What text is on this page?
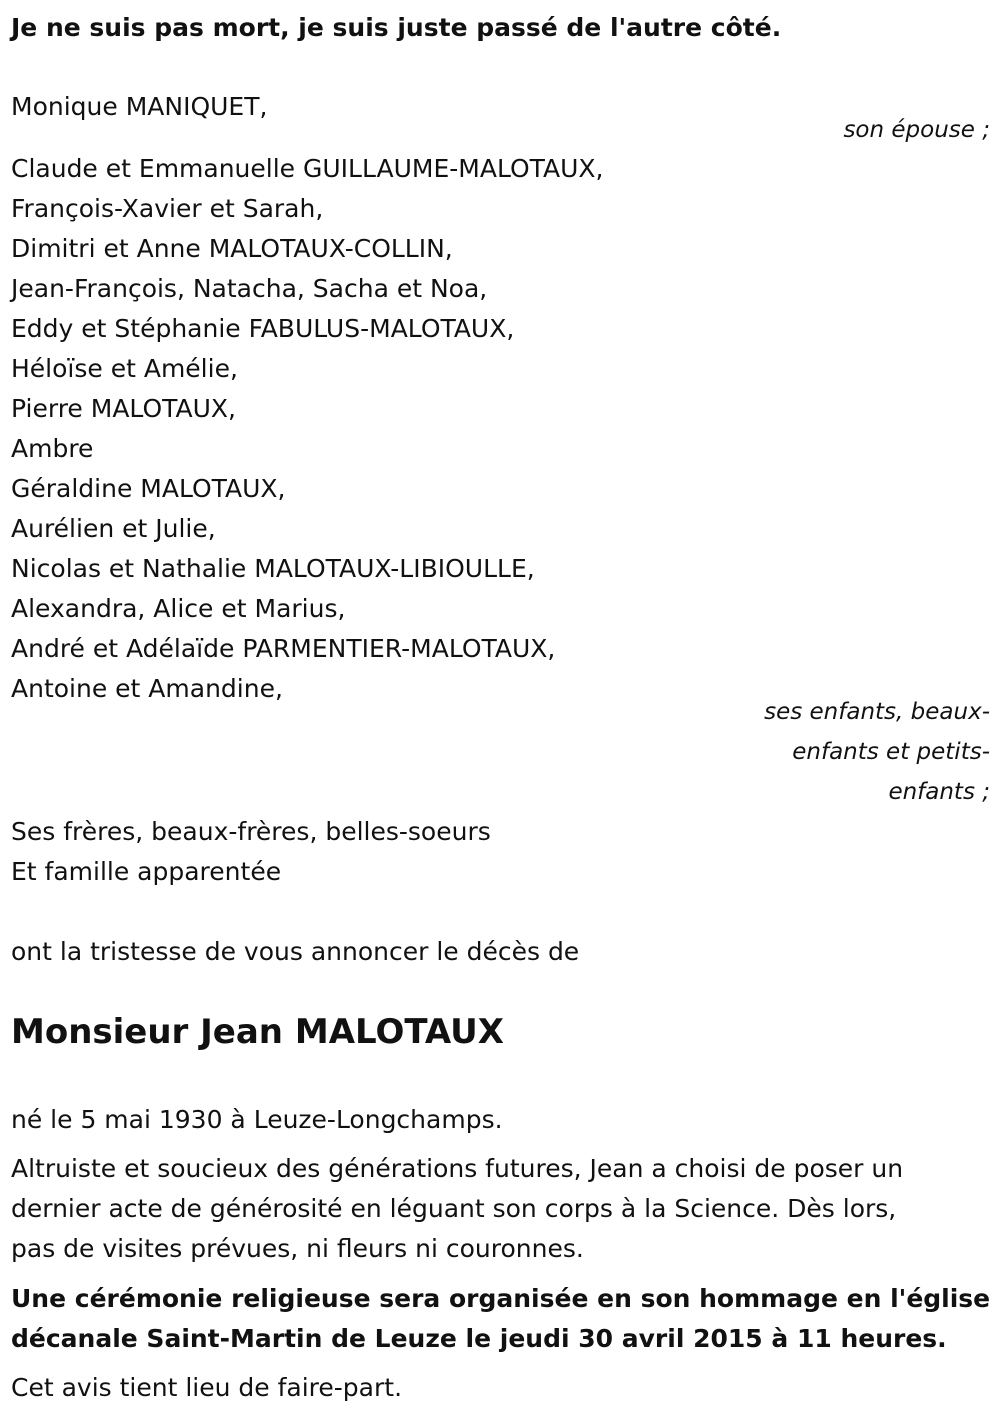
Je ne suis pas mort, je suis juste passé de l'autre côté.
Monique MANIQUET,
son épouse ;
Claude et Emmanuelle GUILLAUME-MALOTAUX,
François-Xavier et Sarah,
Dimitri et Anne MALOTAUX-COLLIN,
Jean-François, Natacha, Sacha et Noa,
Eddy et Stéphanie FABULUS-MALOTAUX,
Héloïse et Amélie,
Pierre MALOTAUX,
Ambre
Géraldine MALOTAUX,
Aurélien et Julie,
Nicolas et Nathalie MALOTAUX-LIBIOULLE,
Alexandra, Alice et Marius,
André et Adélaïde PARMENTIER-MALOTAUX,
Antoine et Amandine,
ses enfants, beaux-
enfants et petits-
enfants ;
Ses frères, beaux-frères, belles-soeurs
Et famille apparentée
ont la tristesse de vous annoncer le décès de
Monsieur Jean MALOTAUX
né le 5 mai 1930 à Leuze-Longchamps.
Altruiste et soucieux des générations futures, Jean a choisi de poser un
dernier acte de générosité en léguant son corps à la Science. Dès lors,
pas de visites prévues, ni fleurs ni couronnes.
Une cérémonie religieuse sera organisée en son hommage en l'église
décanale Saint-Martin de Leuze le jeudi 30 avril 2015 à 11 heures.
Cet avis tient lieu de faire-part.
